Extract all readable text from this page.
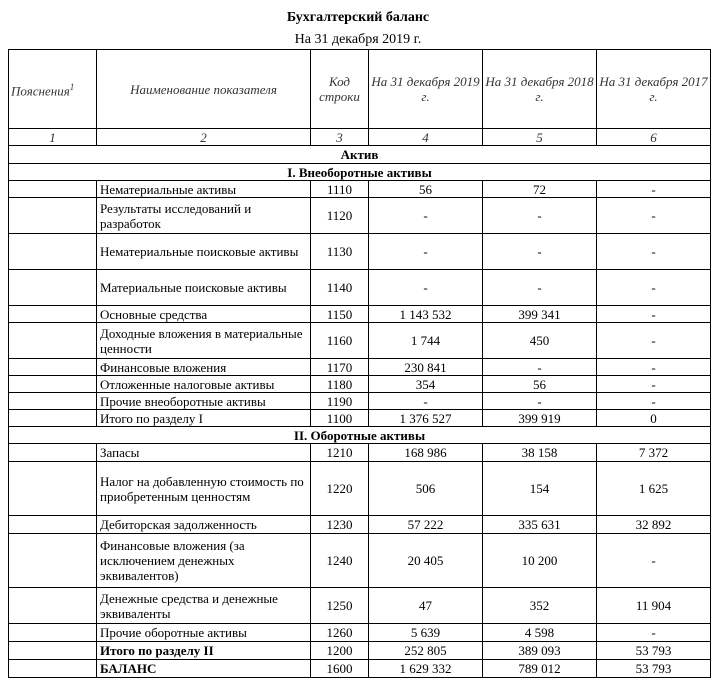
Бухгалтерский баланс
На 31 декабря 2019 г.
Пояснения$^1$	Наименование показателя	Код строки	На 31 декабря 2019 г.	На 31 декабря 2018 г.	На 31 декабря 2017 г.
1	2	3	4	5	6
Актив					
I. Внеоборотные активы					
	Нематериальные активы	1110	56	72	-
	Результаты исследований и разработок	1120	-	-	-
	Нематериальные поисковые активы	1130	-	-	-
	Материальные поисковые активы	1140	-	-	-
	Основные средства	1150	1 143 532	399 341	-
	Доходные вложения в материальные ценности	1160	1 744	450	-
	Финансовые вложения	1170	230 841	-	-
	Отложенные налоговые активы	1180	354	56	-
	Прочие внеоборотные активы	1190	-	-	-
	Итого по разделу I	1100	1 376 527	399 919	0
II. Оборотные активы					
	Запасы	1210	168 986	38 158	7 372
	Налог на добавленную стоимость по приобретенным ценностям	1220	506	154	1 625
	Дебиторская задолженность	1230	57 222	335 631	32 892
	Финансовые вложения (за исключением денежных эквивалентов)	1240	20 405	10 200	-
	Денежные средства и денежные эквиваленты	1250	47	352	11 904
	Прочие оборотные активы	1260	5 639	4 598	-
	Итого по разделу II	1200	252 805	389 093	53 793
	БАЛАНС	1600	1 629 332	789 012	53 793
